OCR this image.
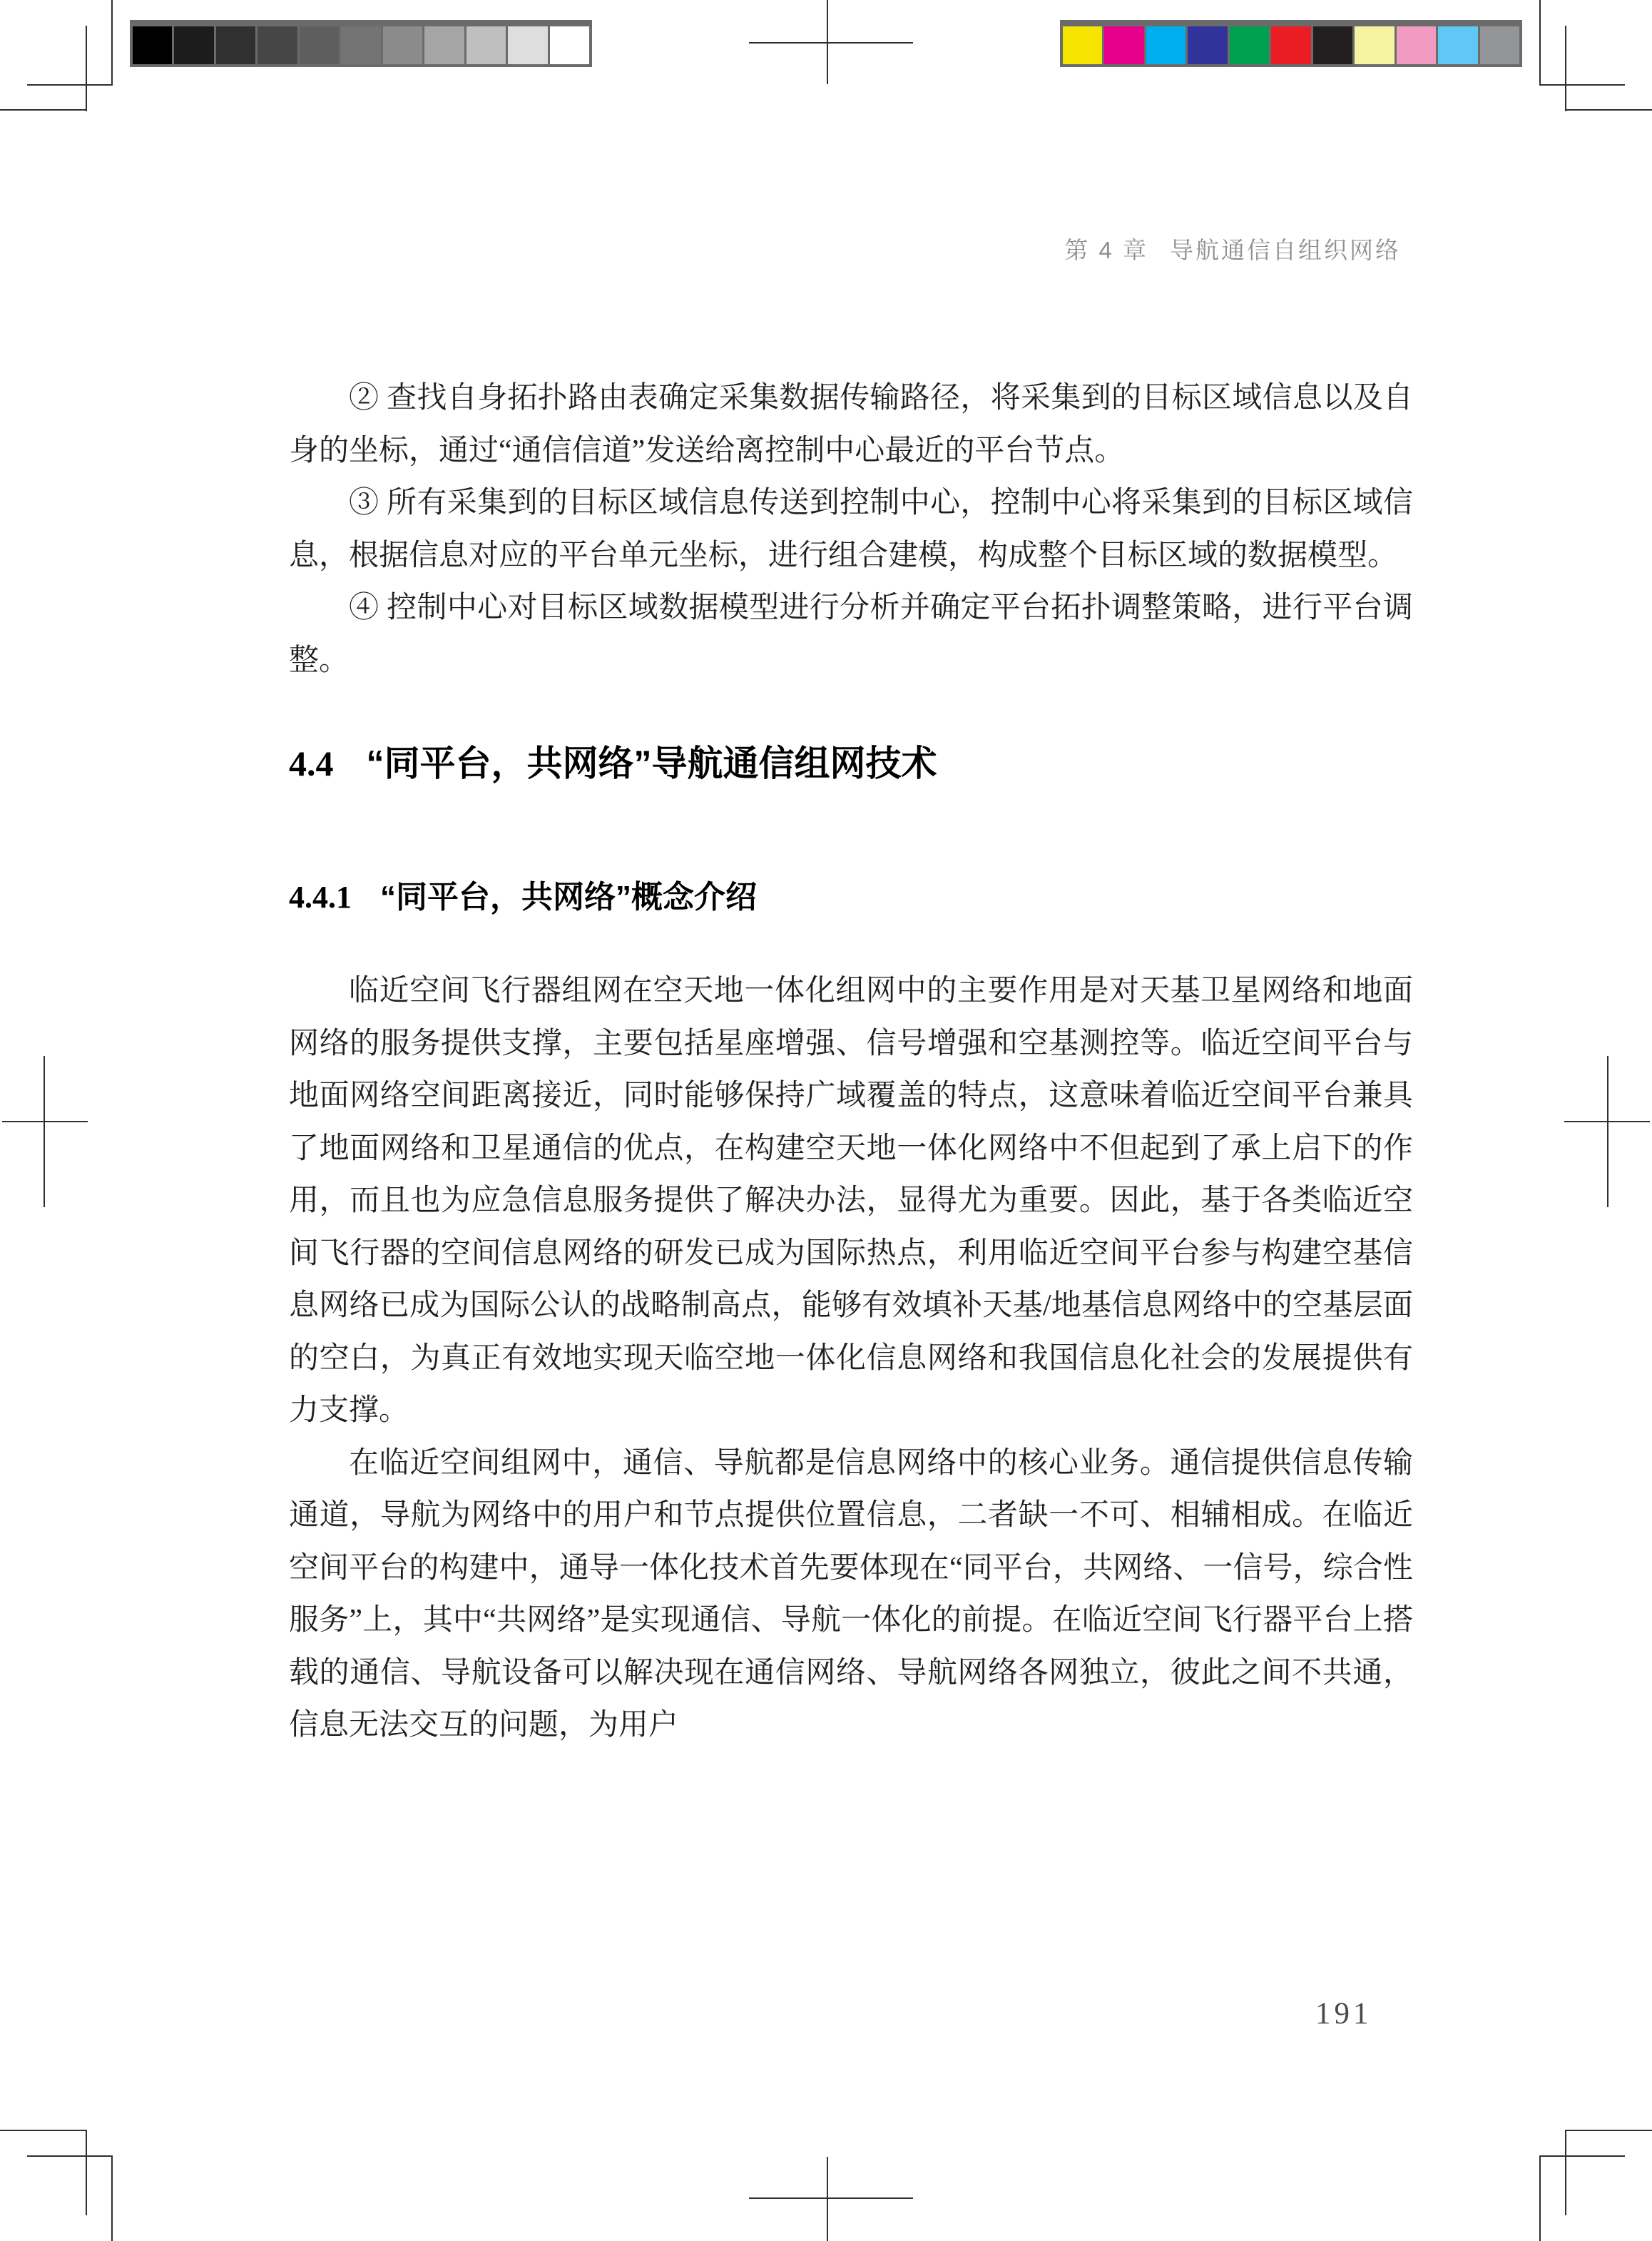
第 4 章 导航通信自组织网络

② 查找自身拓扑路由表确定采集数据传输路径，将采集到的目标区域信息以及自身的坐标，通过“通信信道”发送给离控制中心最近的平台节点。

③ 所有采集到的目标区域信息传送到控制中心，控制中心将采集到的目标区域信息，根据信息对应的平台单元坐标，进行组合建模，构成整个目标区域的数据模型。

④ 控制中心对目标区域数据模型进行分析并确定平台拓扑调整策略，进行平台调整。

4.4 “同平台，共网络”导航通信组网技术
4.4.1 “同平台，共网络”概念介绍

临近空间飞行器组网在空天地一体化组网中的主要作用是对天基卫星网络和地面网络的服务提供支撑，主要包括星座增强、信号增强和空基测控等。临近空间平台与地面网络空间距离接近，同时能够保持广域覆盖的特点，这意味着临近空间平台兼具了地面网络和卫星通信的优点，在构建空天地一体化网络中不但起到了承上启下的作用，而且也为应急信息服务提供了解决办法，显得尤为重要。因此，基于各类临近空间飞行器的空间信息网络的研发已成为国际热点，利用临近空间平台参与构建空基信息网络已成为国际公认的战略制高点，能够有效填补天基/地基信息网络中的空基层面的空白，为真正有效地实现天临空地一体化信息网络和我国信息化社会的发展提供有力支撑。

在临近空间组网中，通信、导航都是信息网络中的核心业务。通信提供信息传输通道，导航为网络中的用户和节点提供位置信息，二者缺一不可、相辅相成。在临近空间平台的构建中，通导一体化技术首先要体现在“同平台，共网络、一信号，综合性服务”上，其中“共网络”是实现通信、导航一体化的前提。在临近空间飞行器平台上搭载的通信、导航设备可以解决现在通信网络、导航网络各网独立，彼此之间不共通，信息无法交互的问题，为用户

191
